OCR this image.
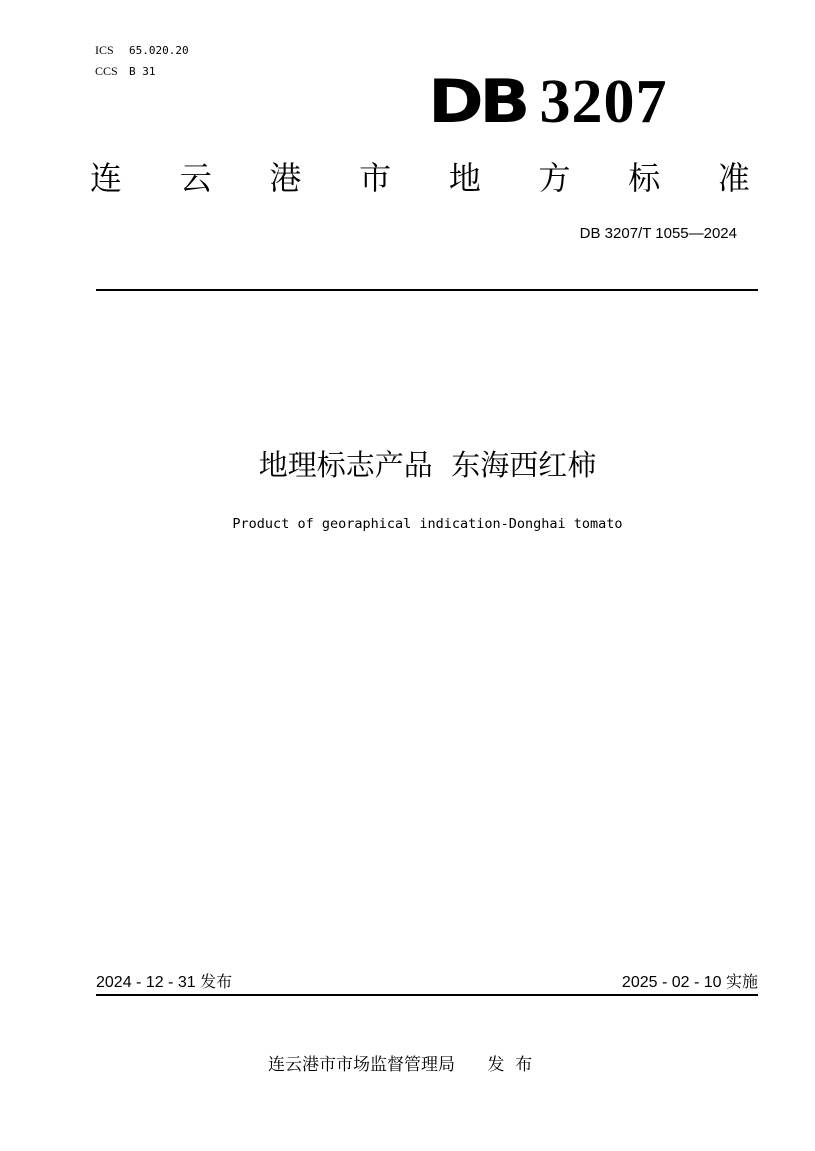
ICS	65.020.20
CCS	B 31	DB 3207
连 云 港 市 地 方 标 准
DB 3207/T 1055—2024
地理标志产品  东海西红柿
Product of georaphical indication-Donghai tomato
2024 - 12 - 31 发布	2025 - 02 - 10 实施
连云港市市场监督管理局      发  布
